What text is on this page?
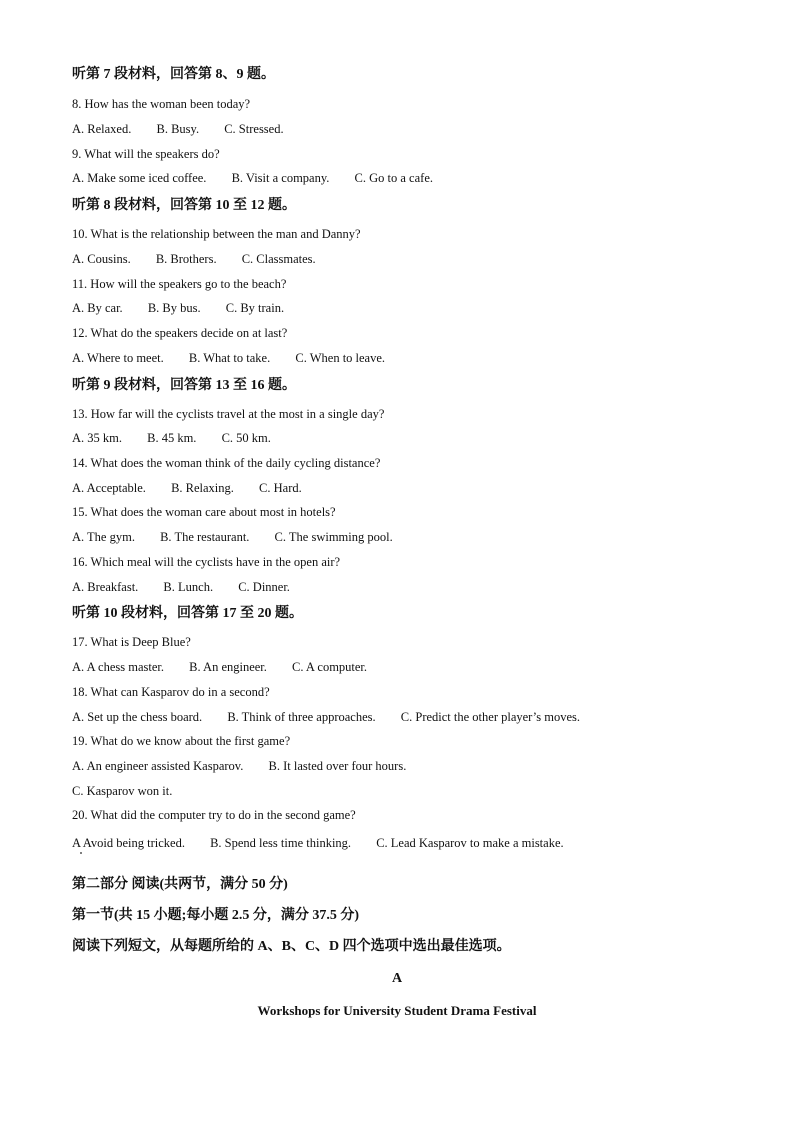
听第 7 段材料，回答第 8、9 题。
8. How has the woman been today?
A. Relaxed. B. Busy. C. Stressed.
9. What will the speakers do?
A. Make some iced coffee. B. Visit a company. C. Go to a cafe.
听第 8 段材料，回答第 10 至 12 题。
10. What is the relationship between the man and Danny?
A. Cousins. B. Brothers. C. Classmates.
11. How will the speakers go to the beach?
A. By car. B. By bus. C. By train.
12. What do the speakers decide on at last?
A. Where to meet. B. What to take. C. When to leave.
听第 9 段材料，回答第 13 至 16 题。
13. How far will the cyclists travel at the most in a single day?
A. 35 km. B. 45 km. C. 50 km.
14. What does the woman think of the daily cycling distance?
A. Acceptable. B. Relaxing. C. Hard.
15. What does the woman care about most in hotels?
A. The gym. B. The restaurant. C. The swimming pool.
16. Which meal will the cyclists have in the open air?
A. Breakfast. B. Lunch. C. Dinner.
听第 10 段材料，回答第 17 至 20 题。
17. What is Deep Blue?
A. A chess master. B. An engineer. C. A computer.
18. What can Kasparov do in a second?
A. Set up the chess board. B. Think of three approaches. C. Predict the other player’s moves.
19. What do we know about the first game?
A. An engineer assisted Kasparov. B. It lasted over four hours.
C. Kasparov won it.
20. What did the computer try to do in the second game?
A Avoid being tricked. B. Spend less time thinking. C. Lead Kasparov to make a mistake.
第二部分 阅读(共两节，满分 50 分)
第一节(共 15 小题;每小题 2.5 分，满分 37.5 分)
阅读下列短文，从每题所给的 A、B、C、D 四个选项中选出最佳选项。
A
Workshops for University Student Drama Festival
